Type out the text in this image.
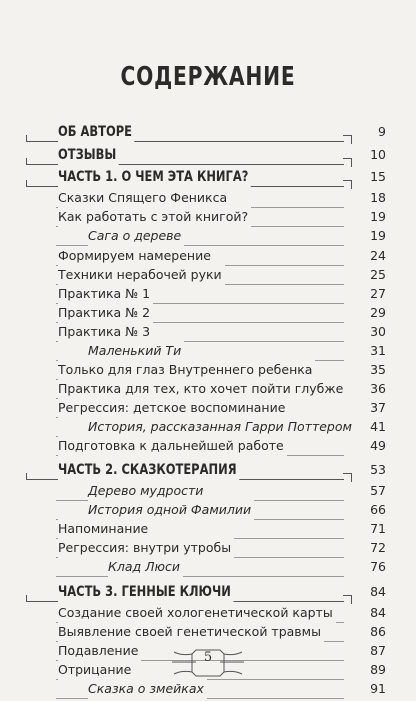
СОДЕРЖАНИЕ
ОБ АВТОРЕ	9
ОТЗЫВЫ	10
ЧАСТЬ 1. О ЧЕМ ЭТА КНИГА?	15
Сказки Спящего Феникса	18
Как работать с этой книгой?	19
Сага о дереве	19
Формируем намерение	24
Техники нерабочей руки	25
Практика № 1	27
Практика № 2	29
Практика № 3	30
Маленький Ти	31
Только для глаз Внутреннего ребенка	35
Практика для тех, кто хочет пойти глубже	36
Регрессия: детское воспоминание	37
История, рассказанная Гарри Поттером	41
Подготовка к дальнейшей работе	49
ЧАСТЬ 2. СКАЗКОТЕРАПИЯ	53
Дерево мудрости	57
История одной Фамилии	66
Напоминание	71
Регрессия: внутри утробы	72
Клад Люси	76
ЧАСТЬ 3. ГЕННЫЕ КЛЮЧИ	84
Создание своей хологенетической карты	84
Выявление своей генетической травмы	86
Подавление	87
Отрицание	89
Сказка о змейках	91
5
